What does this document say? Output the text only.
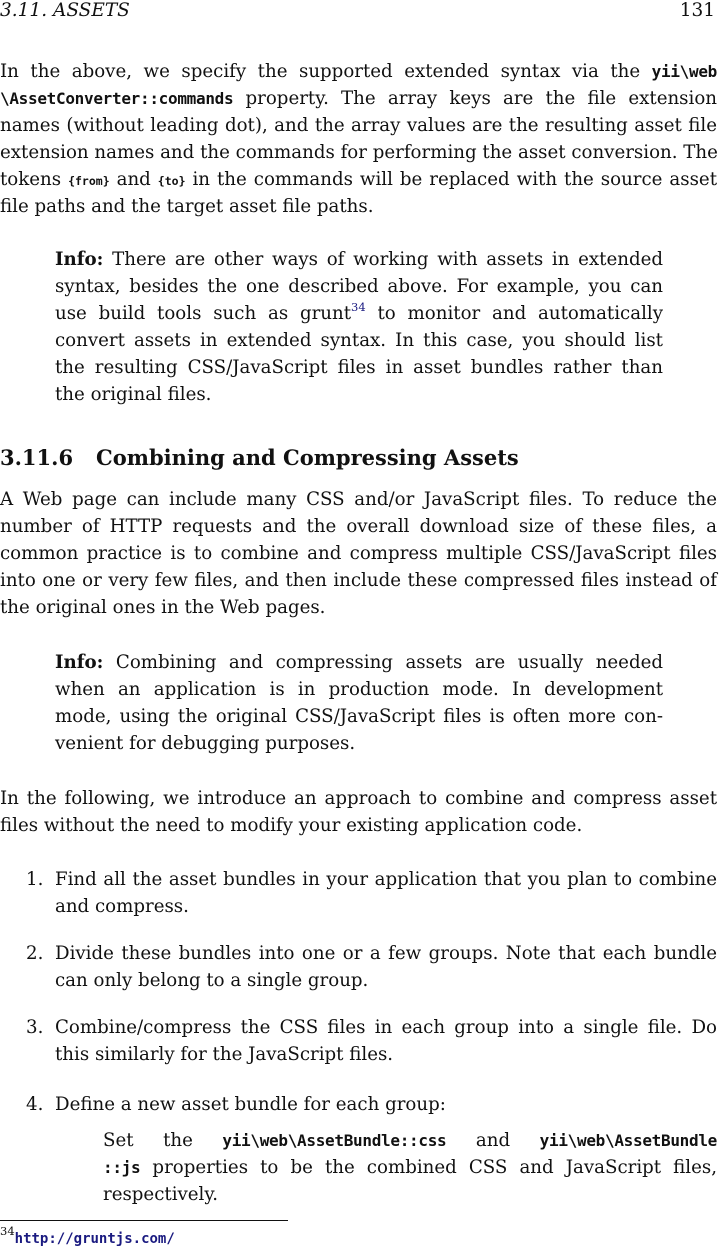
3.11. ASSETS	131
In the above, we specify the supported extended syntax via the yii\web
\AssetConverter::commands property. The array keys are the file extension
names (without leading dot), and the array values are the resulting asset file
extension names and the commands for performing the asset conversion. The
tokens {from} and {to} in the commands will be replaced with the source asset
file paths and the target asset file paths.
Info: There are other ways of working with assets in extended
syntax, besides the one described above. For example, you can
use build tools such as grunt$^{34}$ to monitor and automatically
convert assets in extended syntax. In this case, you should list
the resulting CSS/JavaScript files in asset bundles rather than
the original files.
3.11.6 Combining and Compressing Assets
A Web page can include many CSS and/or JavaScript files. To reduce the
number of HTTP requests and the overall download size of these files, a
common practice is to combine and compress multiple CSS/JavaScript files
into one or very few files, and then include these compressed files instead of
the original ones in the Web pages.
Info: Combining and compressing assets are usually needed
when an application is in production mode. In development
mode, using the original CSS/JavaScript files is often more con-
venient for debugging purposes.
In the following, we introduce an approach to combine and compress asset
files without the need to modify your existing application code.
1. Find all the asset bundles in your application that you plan to combine
and compress.
2. Divide these bundles into one or a few groups. Note that each bundle
can only belong to a single group.
3. Combine/compress the CSS files in each group into a single file. Do
this similarly for the JavaScript files.
4. Define a new asset bundle for each group:
Set the yii\web\AssetBundle::css and yii\web\AssetBundle
::js properties to be the combined CSS and JavaScript files,
respectively.
$^{34}$http://gruntjs.com/
